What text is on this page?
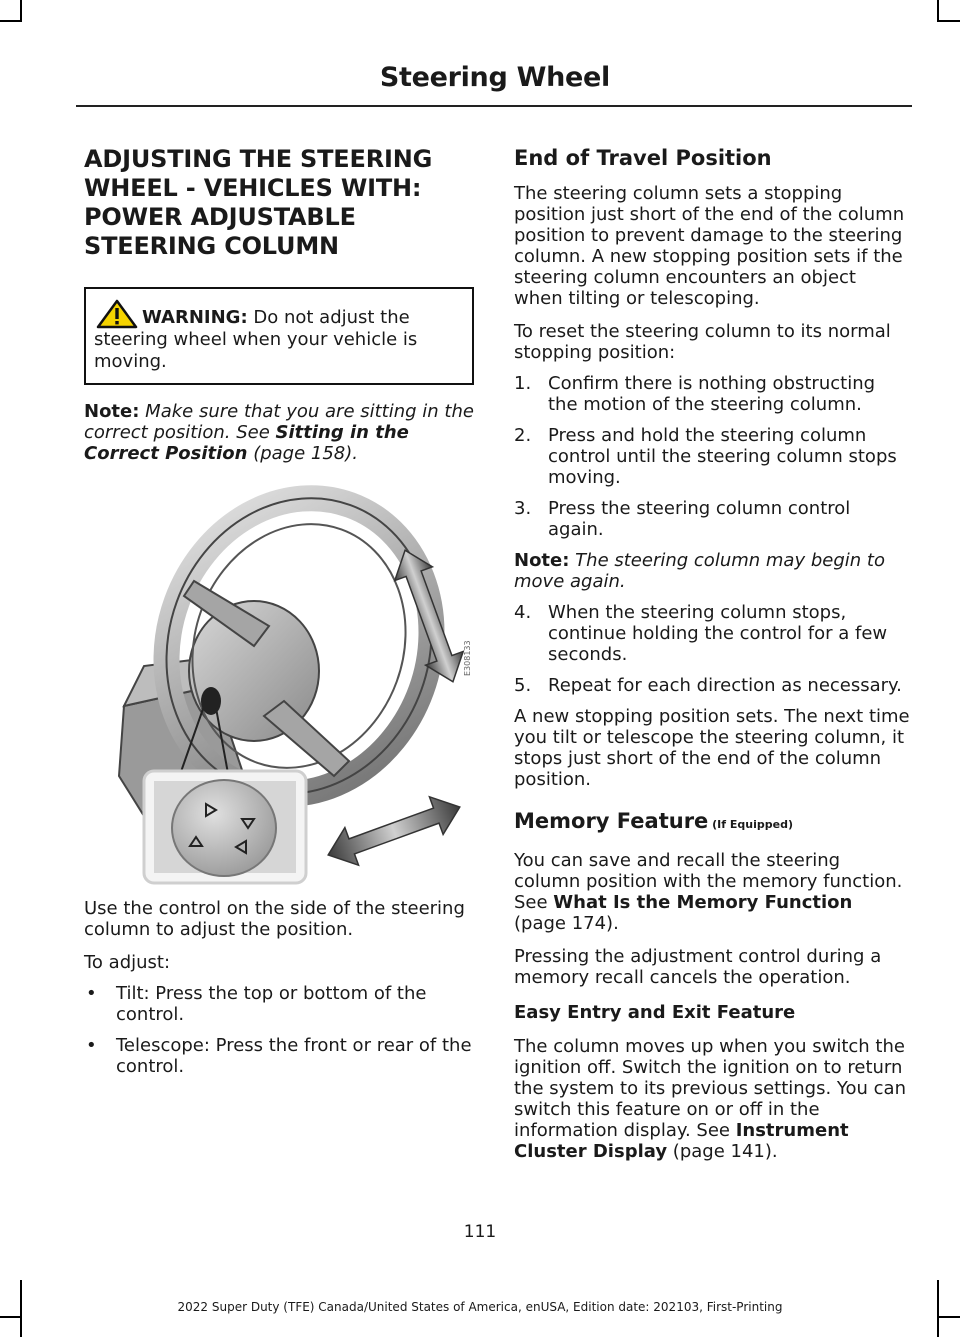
Steering Wheel
ADJUSTING THE STEERING
WHEEL - VEHICLES WITH:
POWER ADJUSTABLE
STEERING COLUMN
WARNING: Do not adjust the steering wheel when your vehicle is moving.

Note: Make sure that you are sitting in the correct position. See Sitting in the Correct Position (page 158).

E308133

Use the control on the side of the steering column to adjust the position.

To adjust:

• Tilt: Press the top or bottom of the control.
• Telescope: Press the front or rear of the control.
End of Travel Position

The steering column sets a stopping position just short of the end of the column position to prevent damage to the steering column. A new stopping position sets if the steering column encounters an object when tilting or telescoping.

To reset the steering column to its normal stopping position:

1. Confirm there is nothing obstructing the motion of the steering column.
2. Press and hold the steering column control until the steering column stops moving.
3. Press the steering column control again.

Note: The steering column may begin to move again.

4. When the steering column stops, continue holding the control for a few seconds.
5. Repeat for each direction as necessary.

A new stopping position sets. The next time you tilt or telescope the steering column, it stops just short of the end of the column position.

Memory Feature (If Equipped)

You can save and recall the steering column position with the memory function. See What Is the Memory Function (page 174).

Pressing the adjustment control during a memory recall cancels the operation.

Easy Entry and Exit Feature

The column moves up when you switch the ignition off. Switch the ignition on to return the system to its previous settings. You can switch this feature on or off in the information display. See Instrument Cluster Display (page 141).

111
2022 Super Duty (TFE) Canada/United States of America, enUSA, Edition date: 202103, First-Printing
